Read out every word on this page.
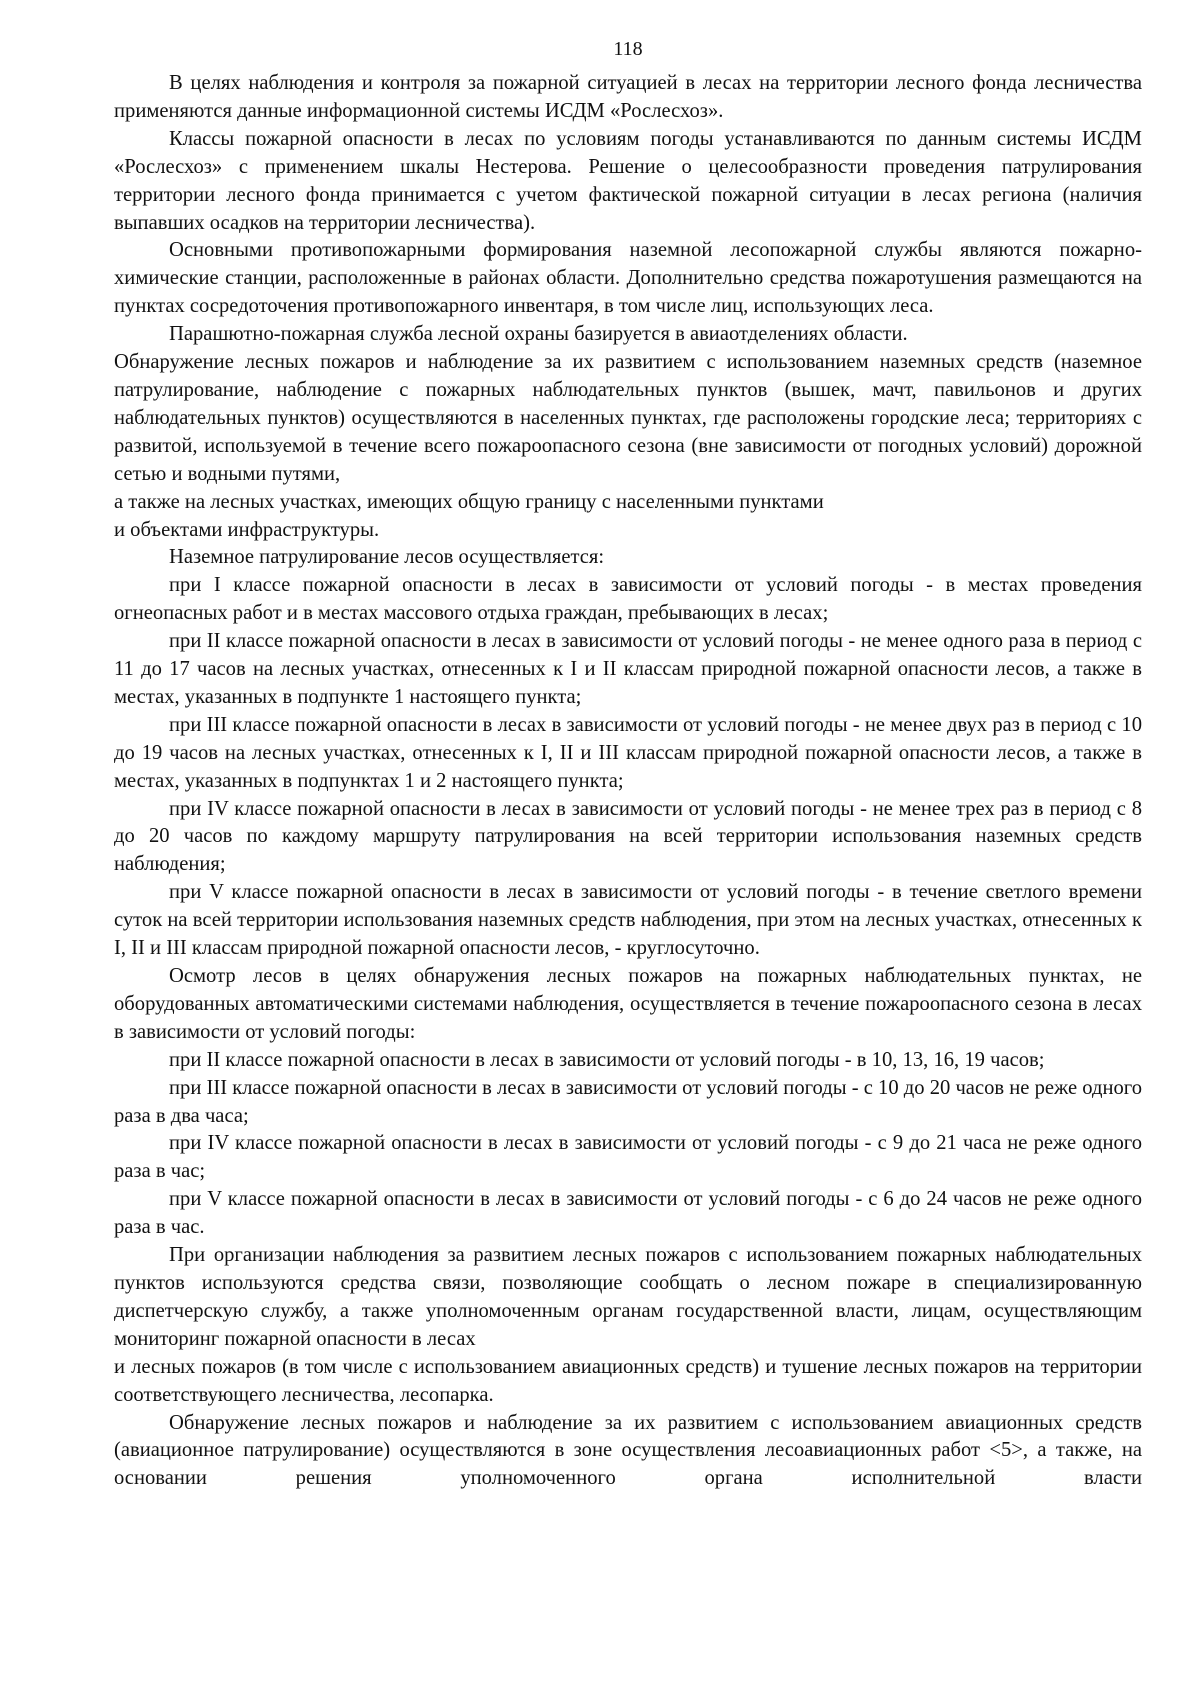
118

В целях наблюдения и контроля за пожарной ситуацией в лесах на территории лесного фонда лесничества применяются данные информационной системы ИСДМ «Рослесхоз».

Классы пожарной опасности в лесах по условиям погоды устанавливаются по данным системы ИСДМ «Рослесхоз» с применением шкалы Нестерова. Решение о целесообразности проведения патрулирования территории лесного фонда принимается с учетом фактической пожарной ситуации в лесах региона (наличия выпавших осадков на территории лесничества).

Основными противопожарными формирования наземной лесопожарной службы являются пожарно-химические станции, расположенные в районах области. Дополнительно средства пожаротушения размещаются на пунктах сосредоточения противопожарного инвентаря, в том числе лиц, использующих леса.

Парашютно-пожарная служба лесной охраны базируется в авиаотделениях области.

Обнаружение лесных пожаров и наблюдение за их развитием с использованием наземных средств (наземное патрулирование, наблюдение с пожарных наблюдательных пунктов (вышек, мачт, павильонов и других наблюдательных пунктов) осуществляются в населенных пунктах, где расположены городские леса; территориях с развитой, используемой в течение всего пожароопасного сезона (вне зависимости от погодных условий) дорожной сетью и водными путями,
а также на лесных участках, имеющих общую границу с населенными пунктами
и объектами инфраструктуры.

Наземное патрулирование лесов осуществляется:

при I классе пожарной опасности в лесах в зависимости от условий погоды - в местах проведения огнеопасных работ и в местах массового отдыха граждан, пребывающих в лесах;

при II классе пожарной опасности в лесах в зависимости от условий погоды - не менее одного раза в период с 11 до 17 часов на лесных участках, отнесенных к I и II классам природной пожарной опасности лесов, а также в местах, указанных в подпункте 1 настоящего пункта;

при III классе пожарной опасности в лесах в зависимости от условий погоды - не менее двух раз в период с 10 до 19 часов на лесных участках, отнесенных к I, II и III классам природной пожарной опасности лесов, а также в местах, указанных в подпунктах 1 и 2 настоящего пункта;

при IV классе пожарной опасности в лесах в зависимости от условий погоды - не менее трех раз в период с 8 до 20 часов по каждому маршруту патрулирования на всей территории использования наземных средств наблюдения;

при V классе пожарной опасности в лесах в зависимости от условий погоды - в течение светлого времени суток на всей территории использования наземных средств наблюдения, при этом на лесных участках, отнесенных к I, II и III классам природной пожарной опасности лесов, - круглосуточно.

Осмотр лесов в целях обнаружения лесных пожаров на пожарных наблюдательных пунктах, не оборудованных автоматическими системами наблюдения, осуществляется в течение пожароопасного сезона в лесах в зависимости от условий погоды:

при II классе пожарной опасности в лесах в зависимости от условий погоды - в 10, 13, 16, 19 часов;

при III классе пожарной опасности в лесах в зависимости от условий погоды - с 10 до 20 часов не реже одного раза в два часа;

при IV классе пожарной опасности в лесах в зависимости от условий погоды - с 9 до 21 часа не реже одного раза в час;

при V классе пожарной опасности в лесах в зависимости от условий погоды - с 6 до 24 часов не реже одного раза в час.

При организации наблюдения за развитием лесных пожаров с использованием пожарных наблюдательных пунктов используются средства связи, позволяющие сообщать о лесном пожаре в специализированную диспетчерскую службу, а также уполномоченным органам государственной власти, лицам, осуществляющим мониторинг пожарной опасности в лесах
и лесных пожаров (в том числе с использованием авиационных средств) и тушение лесных пожаров на территории соответствующего лесничества, лесопарка.

Обнаружение лесных пожаров и наблюдение за их развитием с использованием авиационных средств (авиационное патрулирование) осуществляются в зоне осуществления лесоавиационных работ <5>, а также, на основании решения уполномоченного органа исполнительной власти
